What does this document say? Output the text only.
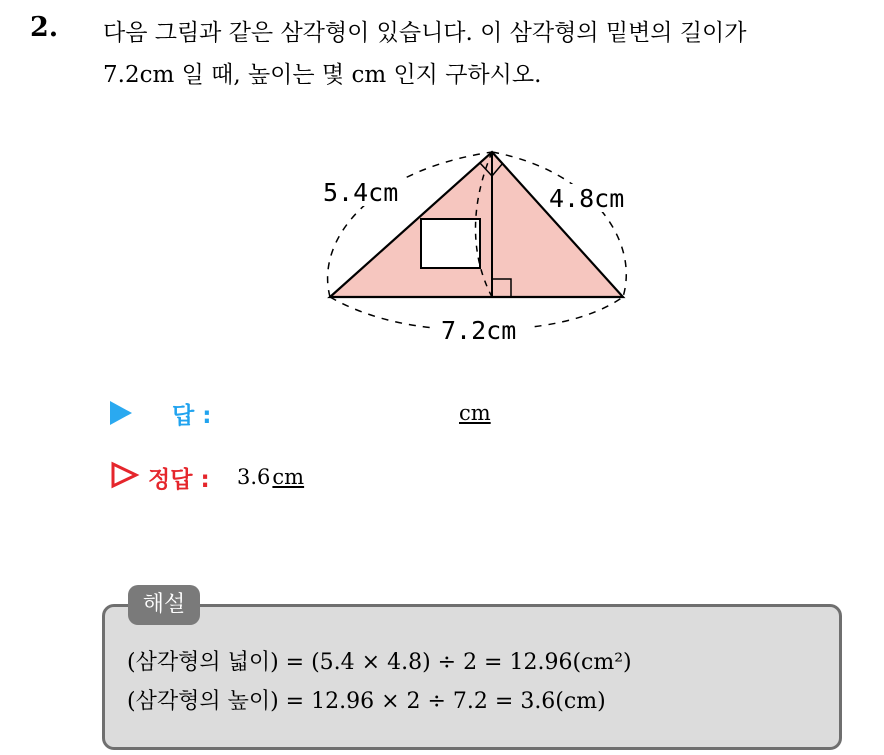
2. 다음 그림과 같은 삼각형이 있습니다. 이 삼각형의 밑변의 길이가
7.2cm 일 때, 높이는 몇 cm 인지 구하시오.
5.4cm	4.8cm
7.2cm
답 :	cm
정답 : 3.6cm
해설
(삼각형의 넓이) = (5.4 × 4.8) ÷ 2 = 12.96(cm²)
(삼각형의 높이) = 12.96 × 2 ÷ 7.2 = 3.6(cm)
